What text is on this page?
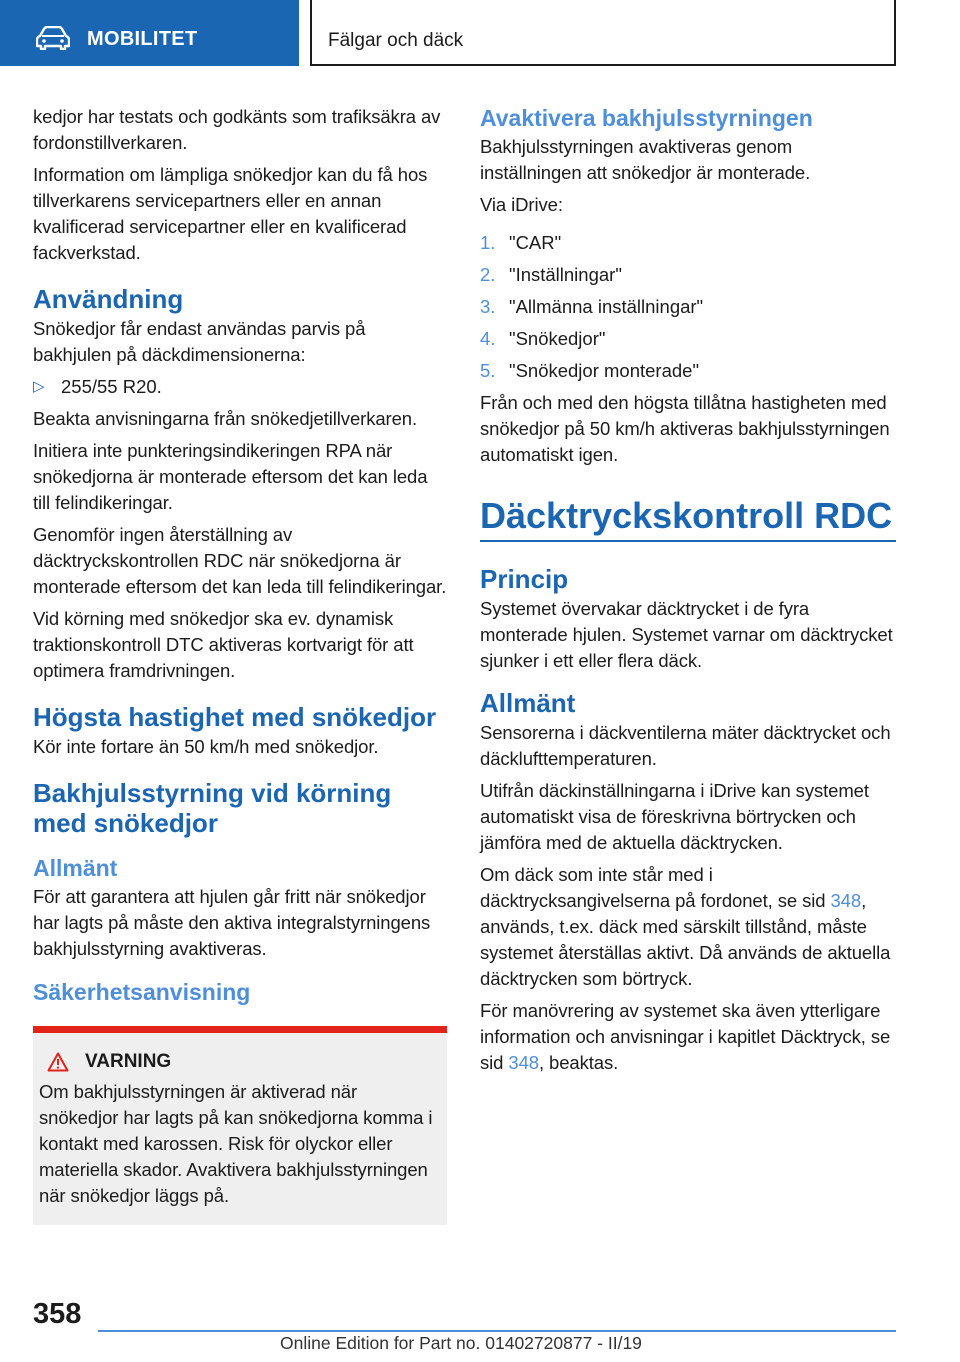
MOBILITET	Fälgar och däck

kedjor har testats och godkänts som trafiksäkra av fordonstillverkaren.

Information om lämpliga snökedjor kan du få hos tillverkarens servicepartners eller en annan kvalificerad servicepartner eller en kvalificerad fackverkstad.

Användning

Snökedjor får endast användas parvis på bakhjulen på däckdimensionerna:

▷ 255/55 R20.

Beakta anvisningarna från snökedjetillverkaren.

Initiera inte punkteringsindikeringen RPA när snökedjorna är monterade eftersom det kan leda till felindikeringar.

Genomför ingen återställning av däcktryckskontrollen RDC när snökedjorna är monterade eftersom det kan leda till felindikeringar.

Vid körning med snökedjor ska ev. dynamisk traktionskontroll DTC aktiveras kortvarigt för att optimera framdrivningen.

Högsta hastighet med snökedjor

Kör inte fortare än 50 km/h med snökedjor.

Bakhjulsstyrning vid körning med snökedjor
Allmänt

För att garantera att hjulen går fritt när snökedjor har lagts på måste den aktiva integralstyrningens bakhjulsstyrning avaktiveras.

Säkerhetsanvisning
VARNING

Om bakhjulsstyrningen är aktiverad när snökedjor har lagts på kan snökedjorna komma i kontakt med karossen. Risk för olyckor eller materiella skador. Avaktivera bakhjulsstyrningen när snökedjor läggs på.

Avaktivera bakhjulsstyrningen

Bakhjulsstyrningen avaktiveras genom inställningen att snökedjor är monterade.

Via iDrive:

1. "CAR"
2. "Inställningar"
3. "Allmänna inställningar"
4. "Snökedjor"
5. "Snökedjor monterade"

Från och med den högsta tillåtna hastigheten med snökedjor på 50 km/h aktiveras bakhjulsstyrningen automatiskt igen.

Däcktryckskontroll RDC
Princip

Systemet övervakar däcktrycket i de fyra monterade hjulen. Systemet varnar om däcktrycket sjunker i ett eller flera däck.

Allmänt

Sensorerna i däckventilerna mäter däcktrycket och däcklufttemperaturen.

Utifrån däckinställningarna i iDrive kan systemet automatiskt visa de föreskrivna börtrycken och jämföra med de aktuella däcktrycken.

Om däck som inte står med i däcktrycksangivelserna på fordonet, se sid 348, används, t.ex. däck med särskilt tillstånd, måste systemet återställas aktivt. Då används de aktuella däcktrycken som börtryck.

För manövrering av systemet ska även ytterligare information och anvisningar i kapitlet Däcktryck, se sid 348, beaktas.

358
Online Edition for Part no. 01402720877 - II/19
